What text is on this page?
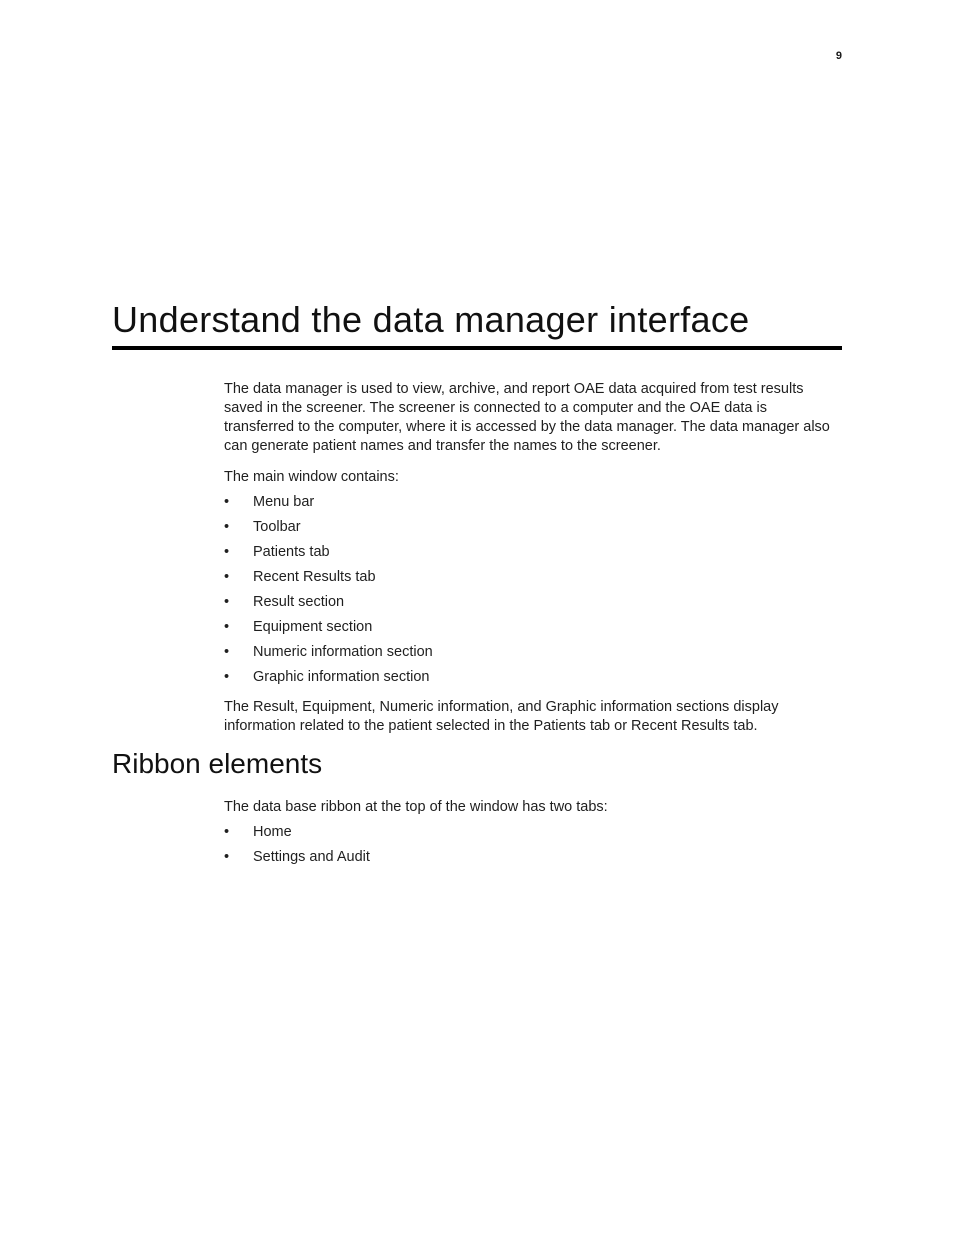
9
Understand the data manager interface

The data manager is used to view, archive, and report OAE data acquired from test results saved in the screener. The screener is connected to a computer and the OAE data is transferred to the computer, where it is accessed by the data manager. The data manager also can generate patient names and transfer the names to the screener.

The main window contains:

• Menu bar
• Toolbar
• Patients tab
• Recent Results tab
• Result section
• Equipment section
• Numeric information section
• Graphic information section

The Result, Equipment, Numeric information, and Graphic information sections display information related to the patient selected in the Patients tab or Recent Results tab.

Ribbon elements

The data base ribbon at the top of the window has two tabs:

• Home
• Settings and Audit
